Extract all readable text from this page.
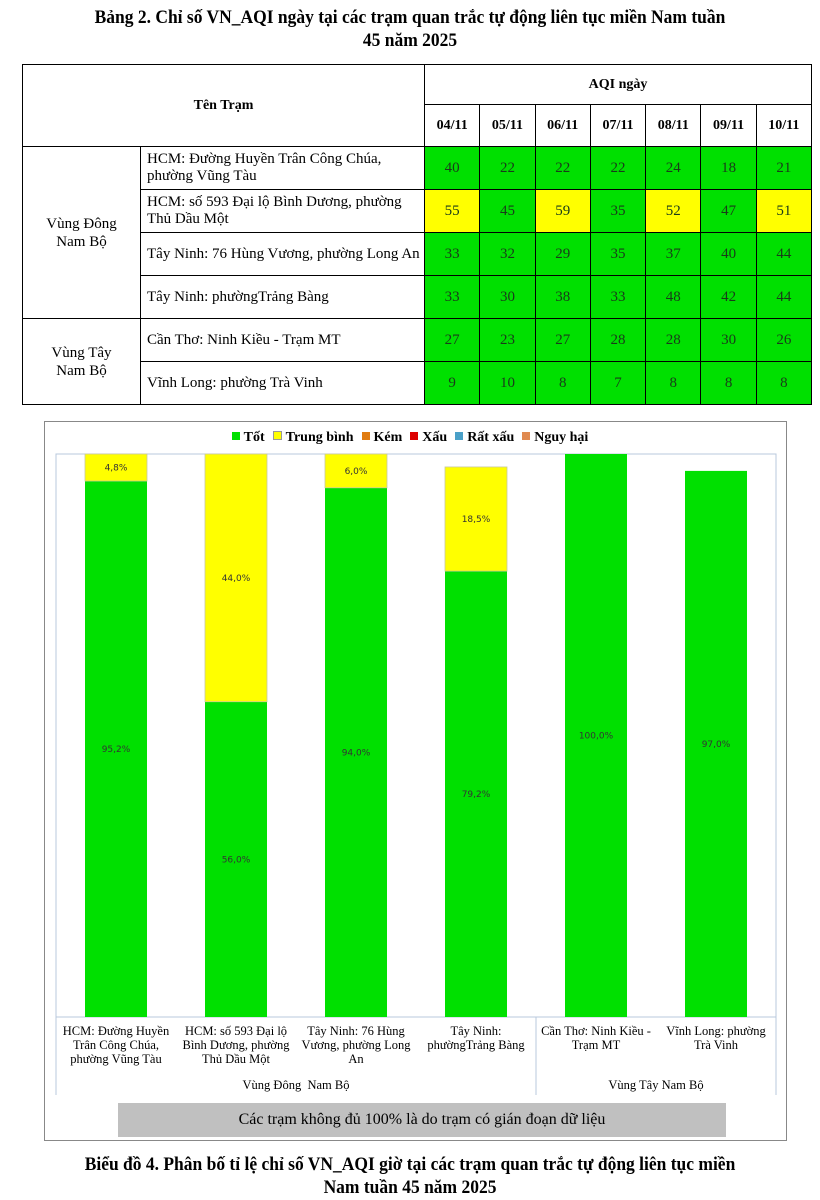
Bảng 2. Chỉ số VN_AQI ngày tại các trạm quan trắc tự động liên tục miền Nam tuần
45 năm 2025
Tên Trạm		AQI ngày						
		04/11	05/11	06/11	07/11	08/11	09/11	10/11
Vùng Đông Nam Bộ	HCM: Đường Huyền Trân Công Chúa, phường Vũng Tàu	40	22	22	22	24	18	21
	HCM: số 593 Đại lộ Bình Dương, phường Thủ Dầu Một	55	45	59	35	52	47	51
	Tây Ninh: 76 Hùng Vương, phường Long An	33	32	29	35	37	40	44
	Tây Ninh: phườngTrảng Bàng	33	30	38	33	48	42	44
Vùng Tây Nam Bộ	Cần Thơ: Ninh Kiều - Trạm MT	27	23	27	28	28	30	26
	Vĩnh Long: phường Trà Vinh	9	10	8	7	8	8	8
Tốt Trung bình Kém Xấu Rất xấu Nguy hại
95,2%
4,8%
56,0%
44,0%
94,0%
6,0%
79,2%
18,5%
100,0%
97,0%
HCM: Đường Huyền
Trân Công Chúa,
phường Vũng Tàu
HCM: số 593 Đại lộ
Bình Dương, phường
Thủ Dầu Một
Tây Ninh: 76 Hùng
Vương, phường Long
An
Tây Ninh:
phườngTrảng Bàng
Cần Thơ: Ninh Kiều -
Trạm MT
Vĩnh Long: phường
Trà Vinh
Vùng Đông  Nam Bộ	Vùng Tây Nam Bộ
Các trạm không đủ 100% là do trạm có gián đoạn dữ liệu
Biểu đồ 4. Phân bố tỉ lệ chỉ số VN_AQI giờ tại các trạm quan trắc tự động liên tục miền
Nam tuần 45 năm 2025
